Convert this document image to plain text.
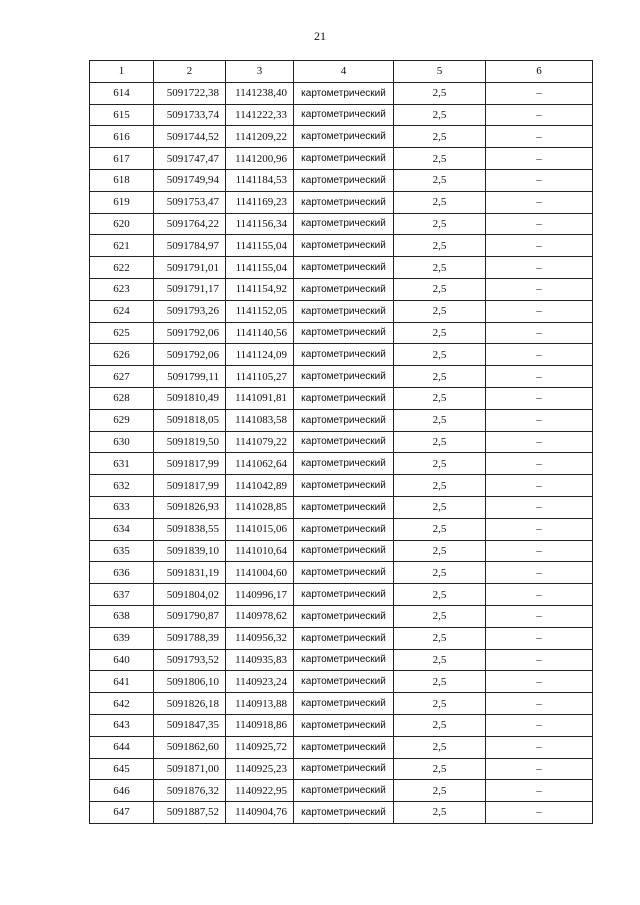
21
1	2	3	4	5	6
614	5091722,38	1141238,40	картометрический	2,5	–
615	5091733,74	1141222,33	картометрический	2,5	–
616	5091744,52	1141209,22	картометрический	2,5	–
617	5091747,47	1141200,96	картометрический	2,5	–
618	5091749,94	1141184,53	картометрический	2,5	–
619	5091753,47	1141169,23	картометрический	2,5	–
620	5091764,22	1141156,34	картометрический	2,5	–
621	5091784,97	1141155,04	картометрический	2,5	–
622	5091791,01	1141155,04	картометрический	2,5	–
623	5091791,17	1141154,92	картометрический	2,5	–
624	5091793,26	1141152,05	картометрический	2,5	–
625	5091792,06	1141140,56	картометрический	2,5	–
626	5091792,06	1141124,09	картометрический	2,5	–
627	5091799,11	1141105,27	картометрический	2,5	–
628	5091810,49	1141091,81	картометрический	2,5	–
629	5091818,05	1141083,58	картометрический	2,5	–
630	5091819,50	1141079,22	картометрический	2,5	–
631	5091817,99	1141062,64	картометрический	2,5	–
632	5091817,99	1141042,89	картометрический	2,5	–
633	5091826,93	1141028,85	картометрический	2,5	–
634	5091838,55	1141015,06	картометрический	2,5	–
635	5091839,10	1141010,64	картометрический	2,5	–
636	5091831,19	1141004,60	картометрический	2,5	–
637	5091804,02	1140996,17	картометрический	2,5	–
638	5091790,87	1140978,62	картометрический	2,5	–
639	5091788,39	1140956,32	картометрический	2,5	–
640	5091793,52	1140935,83	картометрический	2,5	–
641	5091806,10	1140923,24	картометрический	2,5	–
642	5091826,18	1140913,88	картометрический	2,5	–
643	5091847,35	1140918,86	картометрический	2,5	–
644	5091862,60	1140925,72	картометрический	2,5	–
645	5091871,00	1140925,23	картометрический	2,5	–
646	5091876,32	1140922,95	картометрический	2,5	–
647	5091887,52	1140904,76	картометрический	2,5	–
